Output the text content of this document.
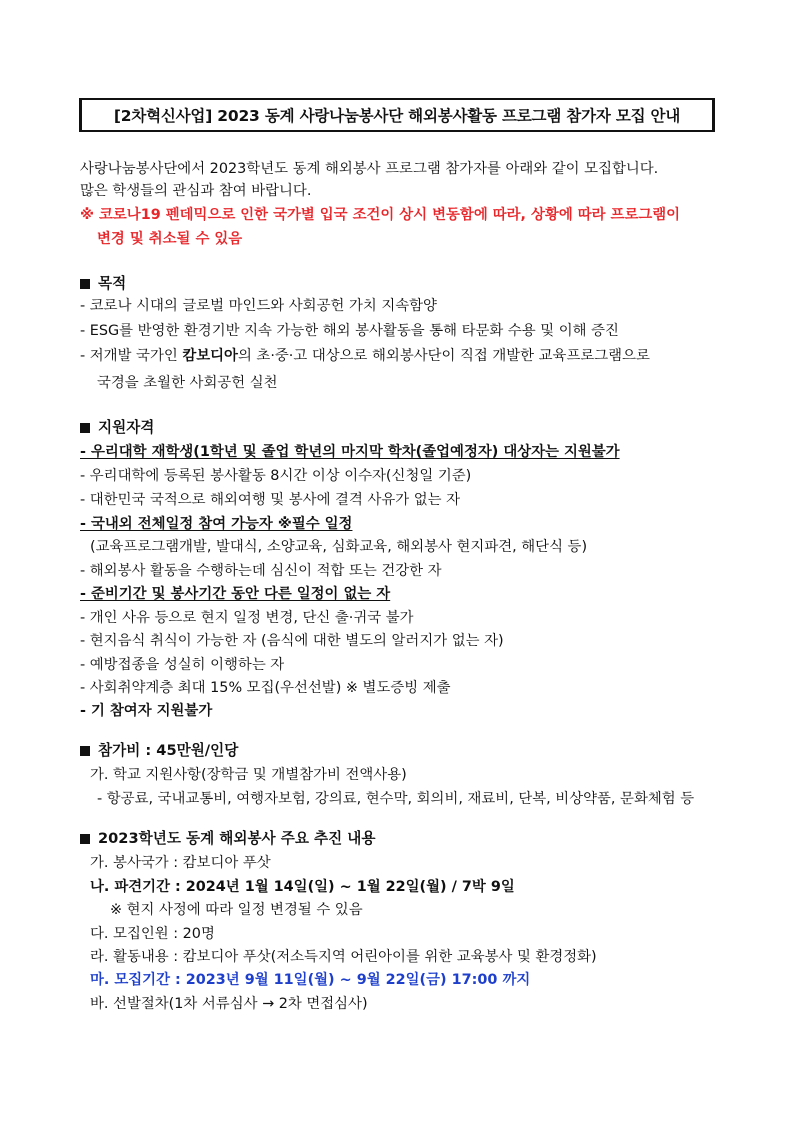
[2차혁신사업] 2023 동계 사랑나눔봉사단 해외봉사활동 프로그램 참가자 모집 안내
사랑나눔봉사단에서 2023학년도 동계 해외봉사 프로그램 참가자를 아래와 같이 모집합니다.
많은 학생들의 관심과 참여 바랍니다.
※ 코로나19 펜데믹으로 인한 국가별 입국 조건이 상시 변동함에 따라, 상황에 따라 프로그램이
변경 및 취소될 수 있음
목적
- 코로나 시대의 글로벌 마인드와 사회공헌 가치 지속함양
- ESG를 반영한 환경기반 지속 가능한 해외 봉사활동을 통해 타문화 수용 및 이해 증진
- 저개발 국가인 캄보디아의 초·중·고 대상으로 해외봉사단이 직접 개발한 교육프로그램으로
국경을 초월한 사회공헌 실천
지원자격
- 우리대학 재학생(1학년 및 졸업 학년의 마지막 학차(졸업예정자) 대상자는 지원불가
- 우리대학에 등록된 봉사활동 8시간 이상 이수자(신청일 기준)
- 대한민국 국적으로 해외여행 및 봉사에 결격 사유가 없는 자
- 국내외 전체일정 참여 가능자 ※필수 일정
(교육프로그램개발, 발대식, 소양교육, 심화교육, 해외봉사 현지파견, 해단식 등)
- 해외봉사 활동을 수행하는데 심신이 적합 또는 건강한 자
- 준비기간 및 봉사기간 동안 다른 일정이 없는 자
- 개인 사유 등으로 현지 일정 변경, 단신 출·귀국 불가
- 현지음식 취식이 가능한 자 (음식에 대한 별도의 알러지가 없는 자)
- 예방접종을 성실히 이행하는 자
- 사회취약계층 최대 15% 모집(우선선발) ※ 별도증빙 제출
- 기 참여자 지원불가
참가비 : 45만원/인당
가. 학교 지원사항(장학금 및 개별참가비 전액사용)
- 항공료, 국내교통비, 여행자보험, 강의료, 현수막, 회의비, 재료비, 단복, 비상약품, 문화체험 등
2023학년도 동계 해외봉사 주요 추진 내용
가. 봉사국가 : 캄보디아 푸삿
나. 파견기간 : 2024년 1월 14일(일) ~ 1월 22일(월) / 7박 9일
※ 현지 사정에 따라 일정 변경될 수 있음
다. 모집인원 : 20명
라. 활동내용 : 캄보디아 푸삿(저소득지역 어린아이를 위한 교육봉사 및 환경정화)
마. 모집기간 : 2023년 9월 11일(월) ~ 9월 22일(금) 17:00 까지
바. 선발절차(1차 서류심사 → 2차 면접심사)
